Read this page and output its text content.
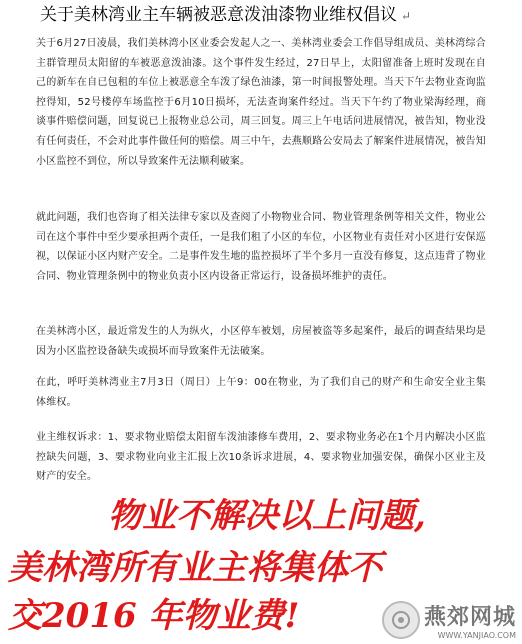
关于美林湾业主车辆被恶意泼油漆物业维权倡议 ↵
关于6月27日凌晨，我们美林湾小区业委会发起人之一、美林湾业委会工作倡导组成员、美林湾综合主群管理员太阳留的车被恶意泼油漆。这个事件发生经过，27日早上，太阳留准备上班时发现在自己的新车在自已包租的车位上被恶意全车泼了绿色油漆，第一时间报警处理。当天下午去物业查询监控得知，52号楼停车场监控于6月10日损坏，无法查询案件经过。当天下午约了物业梁海经理，商谈事件赔偿问题，回复说已上报物业总公司，周三回复。周三上午电话问进展情况，被告知，物业没有任何责任，不会对此事件做任何的赔偿。周三中午，去燕顺路公安局去了解案件进展情况，被告知小区监控不到位，所以导致案件无法顺利破案。
就此问题，我们也咨询了相关法律专家以及查阅了小物物业合同、物业管理条例等相关文件，物业公司在这个事件中至少要承担两个责任，一是我们租了小区的车位，小区物业有责任对小区进行安保巡视，以保证小区内财产安全。二是事件发生地的监控损坏了半个多月一直没有修复，这点违背了物业合同、物业管理条例中的物业负责小区内设备正常运行，设备损坏维护的责任。
在美林湾小区，最近常发生的人为纵火，小区停车被划，房屋被盗等多起案件，最后的调查结果均是因为小区监控设备缺失或损坏而导致案件无法破案。
在此，呼吁美林湾业主7月3日（周日）上午9：00在物业，为了我们自己的财产和生命安全业主集体维权。
业主维权诉求：1、要求物业赔偿太阳留车泼油漆修车费用，2、要求物业务必在1个月内解决小区监控缺失问题，3、要求物业向业主汇报上次10条诉求进展，4、要求物业加强安保，确保小区业主及财产的安全。
物业不解决以上问题,
美林湾所有业主将集体不
交2016 年物业费!	燕郊网城
WWW.YANJIAO.COM
